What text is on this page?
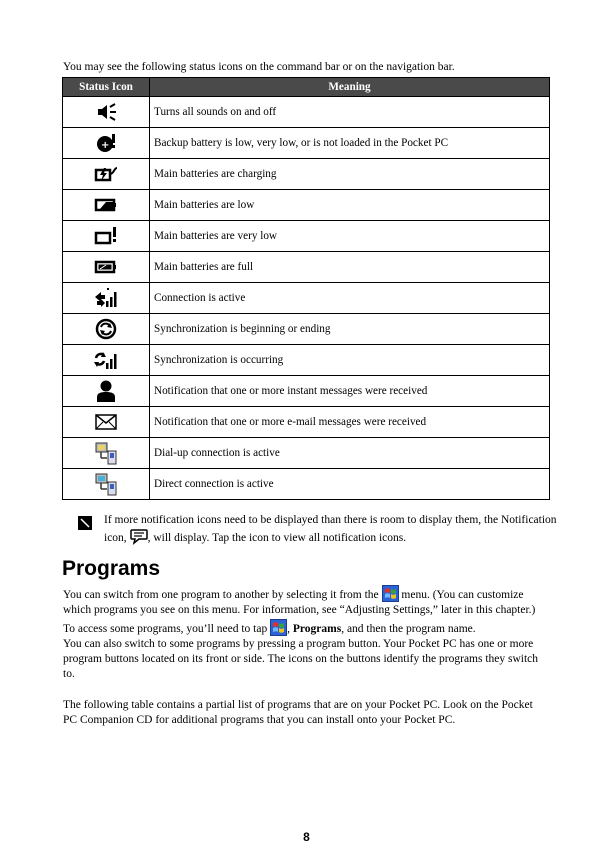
You may see the following status icons on the command bar or on the navigation bar.
Status Icon	Meaning

	Turns all sounds on and off

+	Backup battery is low, very low, or is not loaded in the Pocket PC

	Main batteries are charging

	Main batteries are low

	Main batteries are very low

	Main batteries are full

	Connection is active

	Synchronization is beginning or ending

	Synchronization is occurring

	Notification that one or more instant messages were received

	Notification that one or more e-mail messages were received

	Dial-up connection is active

	Direct connection is active
If more notification icons need to be displayed than there is room to display them, the Notification icon, , will display. Tap the icon to view all notification icons.
Programs

You can switch from one program to another by selecting it from the  menu. (You can customize which programs you see on this menu. For information, see “Adjusting Settings,” later in this chapter.) To access some programs, you’ll need to tap , Programs, and then the program name.

You can also switch to some programs by pressing a program button. Your Pocket PC has one or more program buttons located on its front or side. The icons on the buttons identify the programs they switch to.

The following table contains a partial list of programs that are on your Pocket PC. Look on the Pocket PC Companion CD for additional programs that you can install onto your Pocket PC.

8
